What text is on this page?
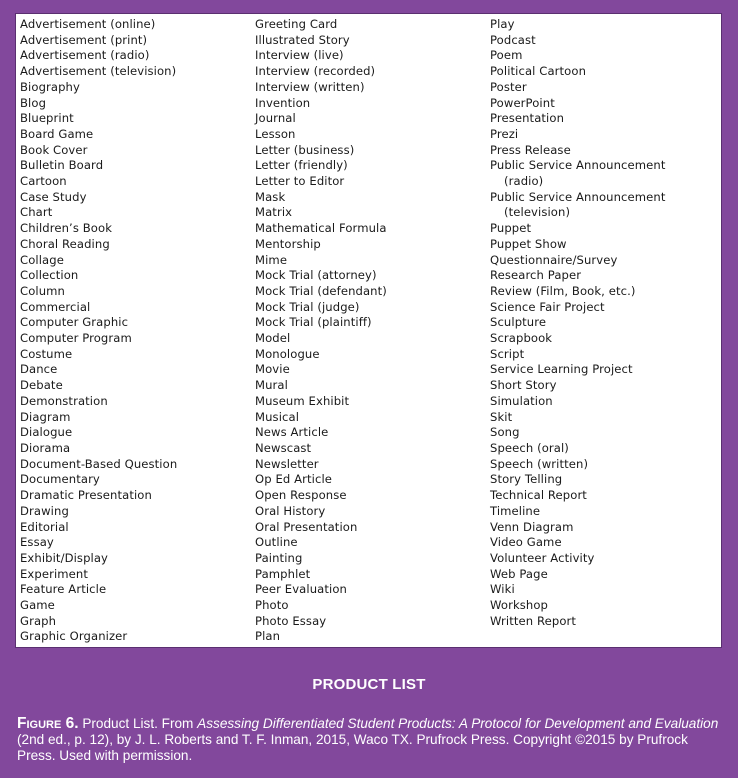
Advertisement (online)
Advertisement (print)
Advertisement (radio)
Advertisement (television)
Biography
Blog
Blueprint
Board Game
Book Cover
Bulletin Board
Cartoon
Case Study
Chart
Children’s Book
Choral Reading
Collage
Collection
Column
Commercial
Computer Graphic
Computer Program
Costume
Dance
Debate
Demonstration
Diagram
Dialogue
Diorama
Document-Based Question
Documentary
Dramatic Presentation
Drawing
Editorial
Essay
Exhibit/Display
Experiment
Feature Article
Game
Graph
Graphic Organizer
Greeting Card
Illustrated Story
Interview (live)
Interview (recorded)
Interview (written)
Invention
Journal
Lesson
Letter (business)
Letter (friendly)
Letter to Editor
Mask
Matrix
Mathematical Formula
Mentorship
Mime
Mock Trial (attorney)
Mock Trial (defendant)
Mock Trial (judge)
Mock Trial (plaintiff)
Model
Monologue
Movie
Mural
Museum Exhibit
Musical
News Article
Newscast
Newsletter
Op Ed Article
Open Response
Oral History
Oral Presentation
Outline
Painting
Pamphlet
Peer Evaluation
Photo
Photo Essay
Plan
Play
Podcast
Poem
Political Cartoon
Poster
PowerPoint
Presentation
Prezi
Press Release
Public Service Announcement
(radio)
Public Service Announcement
(television)
Puppet
Puppet Show
Questionnaire/Survey
Research Paper
Review (Film, Book, etc.)
Science Fair Project
Sculpture
Scrapbook
Script
Service Learning Project
Short Story
Simulation
Skit
Song
Speech (oral)
Speech (written)
Story Telling
Technical Report
Timeline
Venn Diagram
Video Game
Volunteer Activity
Web Page
Wiki
Workshop
Written Report
PRODUCT LIST
Figure 6. Product List. From Assessing Differentiated Student Products: A Protocol for Development and Evaluation (2nd ed., p. 12), by J. L. Roberts and T. F. Inman, 2015, Waco TX. Prufrock Press. Copyright ©2015 by Prufrock Press. Used with permission.
